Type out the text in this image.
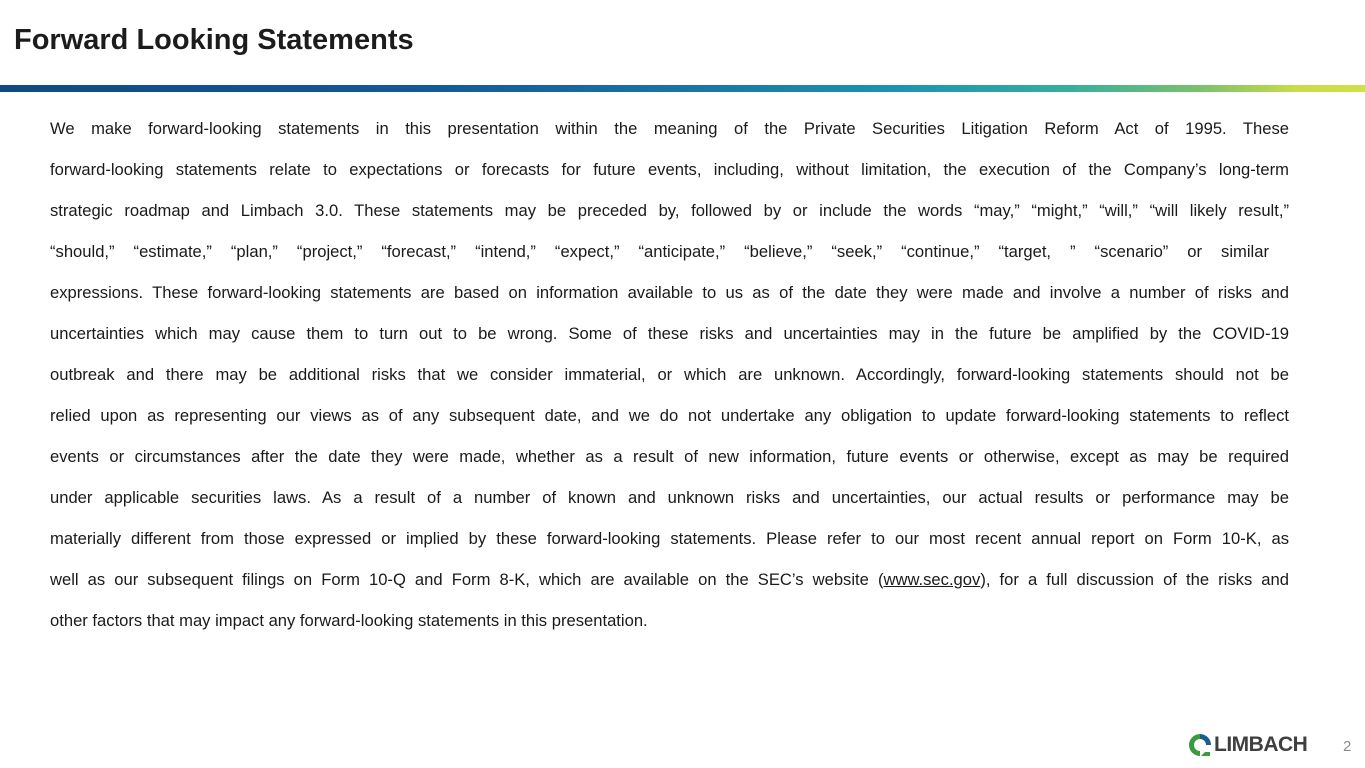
Forward Looking Statements
We make forward-looking statements in this presentation within the meaning of the Private Securities Litigation Reform Act of 1995. These
forward-looking statements relate to expectations or forecasts for future events, including, without limitation, the execution of the Company’s long-term
strategic roadmap and Limbach 3.0. These statements may be preceded by, followed by or include the words “may,” “might,” “will,” “will likely result,”
“should,” “estimate,” “plan,” “project,” “forecast,” “intend,” “expect,” “anticipate,” “believe,” “seek,” “continue,” “target, ” “scenario” or similar
expressions. These forward-looking statements are based on information available to us as of the date they were made and involve a number of risks and
uncertainties which may cause them to turn out to be wrong. Some of these risks and uncertainties may in the future be amplified by the COVID-19
outbreak and there may be additional risks that we consider immaterial, or which are unknown. Accordingly, forward-looking statements should not be
relied upon as representing our views as of any subsequent date, and we do not undertake any obligation to update forward-looking statements to reflect
events or circumstances after the date they were made, whether as a result of new information, future events or otherwise, except as may be required
under applicable securities laws. As a result of a number of known and unknown risks and uncertainties, our actual results or performance may be
materially different from those expressed or implied by these forward-looking statements. Please refer to our most recent annual report on Form 10-K, as
well as our subsequent filings on Form 10-Q and Form 8-K, which are available on the SEC’s website (www.sec.gov), for a full discussion of the risks and
other factors that may impact any forward-looking statements in this presentation.
LIMBACH 2
